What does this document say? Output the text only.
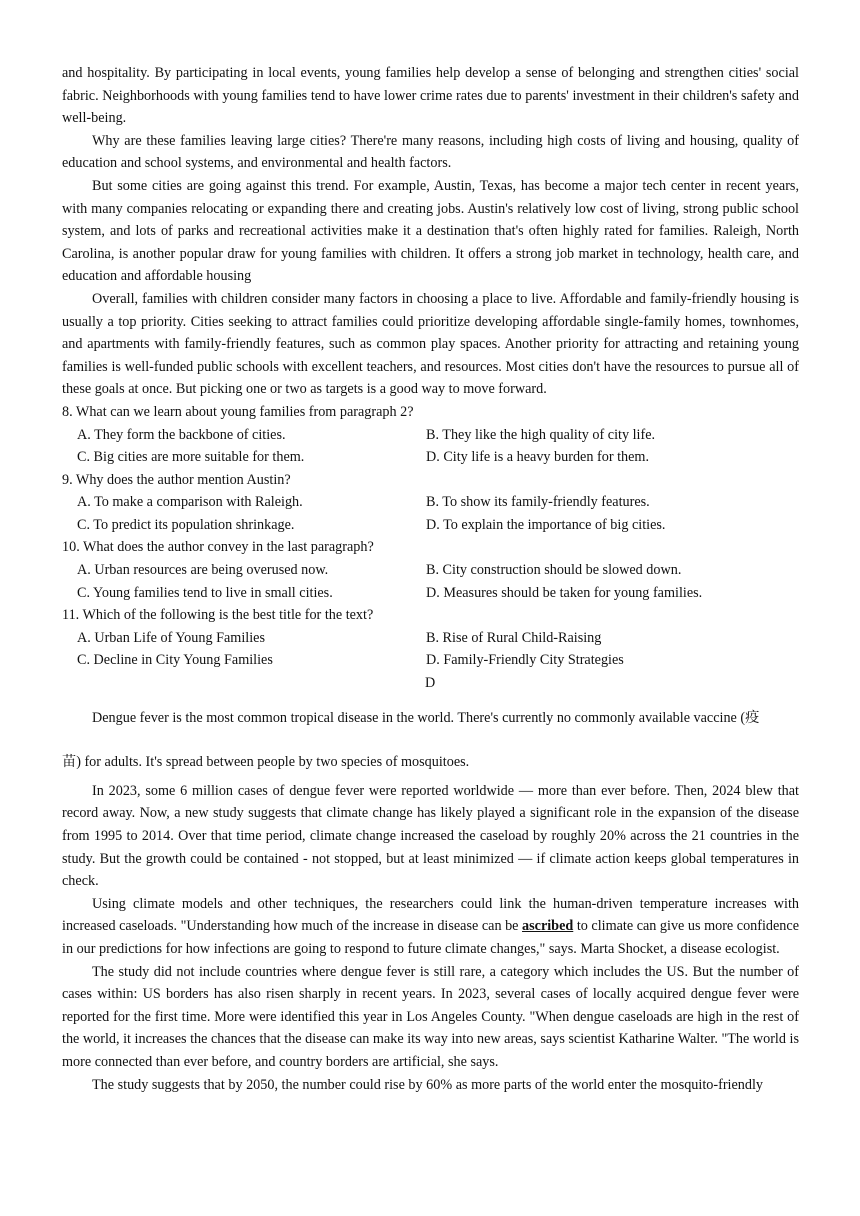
and hospitality. By participating in local events, young families help develop a sense of belonging and strengthen cities' social fabric. Neighborhoods with young families tend to have lower crime rates due to parents' investment in their children's safety and well-being.

Why are these families leaving large cities? There're many reasons, including high costs of living and housing, quality of education and school systems, and environmental and health factors.

But some cities are going against this trend. For example, Austin, Texas, has become a major tech center in recent years, with many companies relocating or expanding there and creating jobs. Austin's relatively low cost of living, strong public school system, and lots of parks and recreational activities make it a destination that's often highly rated for families. Raleigh, North Carolina, is another popular draw for young families with children. It offers a strong job market in technology, health care, and education and affordable housing

Overall, families with children consider many factors in choosing a place to live. Affordable and family-friendly housing is usually a top priority. Cities seeking to attract families could prioritize developing affordable single-family homes, townhomes, and apartments with family-friendly features, such as common play spaces. Another priority for attracting and retaining young families is well-funded public schools with excellent teachers, and resources. Most cities don't have the resources to pursue all of these goals at once. But picking one or two as targets is a good way to move forward.

8. What can we learn about young families from paragraph 2?

A. They form the backbone of cities.	B. They like the high quality of city life.
C. Big cities are more suitable for them.	D. City life is a heavy burden for them.

9. Why does the author mention Austin?

A. To make a comparison with Raleigh.	B. To show its family-friendly features.
C. To predict its population shrinkage.	D. To explain the importance of big cities.

10. What does the author convey in the last paragraph?

A. Urban resources are being overused now.	B. City construction should be slowed down.
C. Young families tend to live in small cities.	D. Measures should be taken for young families.

11. Which of the following is the best title for the text?

A. Urban Life of Young Families	B. Rise of Rural Child-Raising
C. Decline in City Young Families	D. Family-Friendly City Strategies

D

Dengue fever is the most common tropical disease in the world. There's currently no commonly available vaccine (疫
苗) for adults. It's spread between people by two species of mosquitoes.

In 2023, some 6 million cases of dengue fever were reported worldwide — more than ever before. Then, 2024 blew that record away. Now, a new study suggests that climate change has likely played a significant role in the expansion of the disease from 1995 to 2014. Over that time period, climate change increased the caseload by roughly 20% across the 21 countries in the study. But the growth could be contained - not stopped, but at least minimized — if climate action keeps global temperatures in check.

Using climate models and other techniques, the researchers could link the human-driven temperature increases with increased caseloads. "Understanding how much of the increase in disease can be ascribed to climate can give us more confidence in our predictions for how infections are going to respond to future climate changes," says. Marta Shocket, a disease ecologist.

The study did not include countries where dengue fever is still rare, a category which includes the US. But the number of cases within: US borders has also risen sharply in recent years. In 2023, several cases of locally acquired dengue fever were reported for the first time. More were identified this year in Los Angeles County. "When dengue caseloads are high in the rest of the world, it increases the chances that the disease can make its way into new areas, says scientist Katharine Walter. "The world is more connected than ever before, and country borders are artificial, she says.

The study suggests that by 2050, the number could rise by 60% as more parts of the world enter the mosquito-friendly
